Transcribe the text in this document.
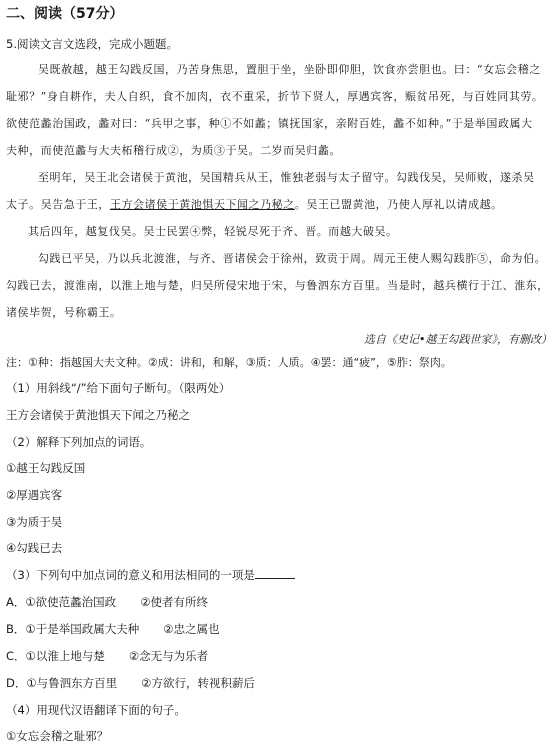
二、阅读（57分）
5.阅读文言文选段，完成小题题。
吴既赦越，越王勾践反国，乃苦身焦思，置胆于坐，坐卧即仰胆，饮食亦尝胆也。曰：“女忘会稽之
耻邪？”身自耕作，夫人自织，食不加肉，衣不重采，折节下贤人，厚遇宾客，赈贫吊死，与百姓同其劳。
欲使范蠡治国政，蠡对曰：“兵甲之事，种①不如蠡；镇抚国家，亲附百姓，蠡不如种。”于是举国政属大
夫种，而使范蠡与大夫柘稽行成②，为质③于吴。二岁而吴归蠡。
至明年，吴王北会诸侯于黄池，吴国精兵从王，惟独老弱与太子留守。勾践伐吴，吴师败，遂杀吴
太子。吴告急于王，王方会诸侯于黄池惧天下闻之乃秘之。吴王已盟黄池，乃使人厚礼以请成越。
其后四年，越复伐吴。吴士民罢④弊，轻锐尽死于齐、晋。而越大破吴。
勾践已平吴，乃以兵北渡淮，与齐、晋诸侯会于徐州，致贡于周。周元王使人赐勾践胙⑤，命为伯。
勾践已去，渡淮南，以淮上地与楚，归吴所侵宋地于宋，与鲁泗东方百里。当是时，越兵横行于江、淮东，
诸侯毕贺，号称霸王。
选自《史记•越王勾践世家》，有删改）
注：①种：指越国大夫文种。②成：讲和，和解，③质：人质。④罢：通“疲”，⑤胙：祭肉。
（1）用斜线“/”给下面句子断句。（限两处）
王方会诸侯于黄池惧天下闻之乃秘之
（2）解释下列加点的词语。
①越王勾践反国
②厚遇宾客
③为质于吴
④勾践已去
（3）下列句中加点词的意义和用法相同的一项是
A．①欲使范蠡治国政 ②使者有所终
B．①于是举国政属大夫种 ②忠之属也
C．①以淮上地与楚 ②念无与为乐者
D．①与鲁泗东方百里 ②方欲行，转视积薪后
（4）用现代汉语翻译下面的句子。
①女忘会稽之耻邪？
